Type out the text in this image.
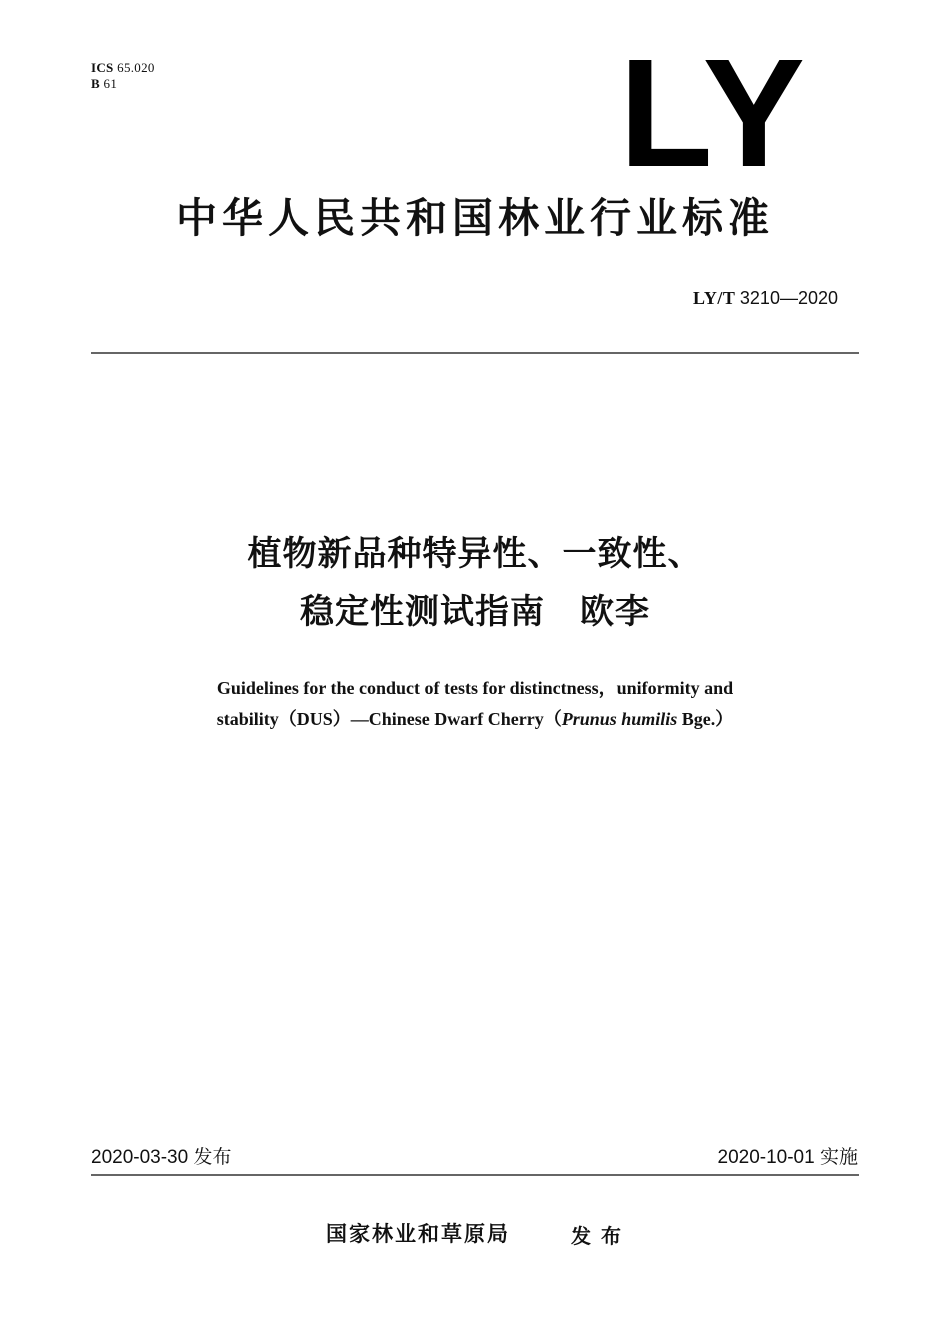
ICS 65.020
B 61	LY
中华人民共和国林业行业标准
LY/T 3210—2020
植物新品种特异性、一致性、
稳定性测试指南　欧李
Guidelines for the conduct of tests for distinctness，uniformity and
stability（DUS）—Chinese Dwarf Cherry（Prunus humilis Bge.）
2020-03-30 发布	2020-10-01 实施
国家林业和草原局	发布
